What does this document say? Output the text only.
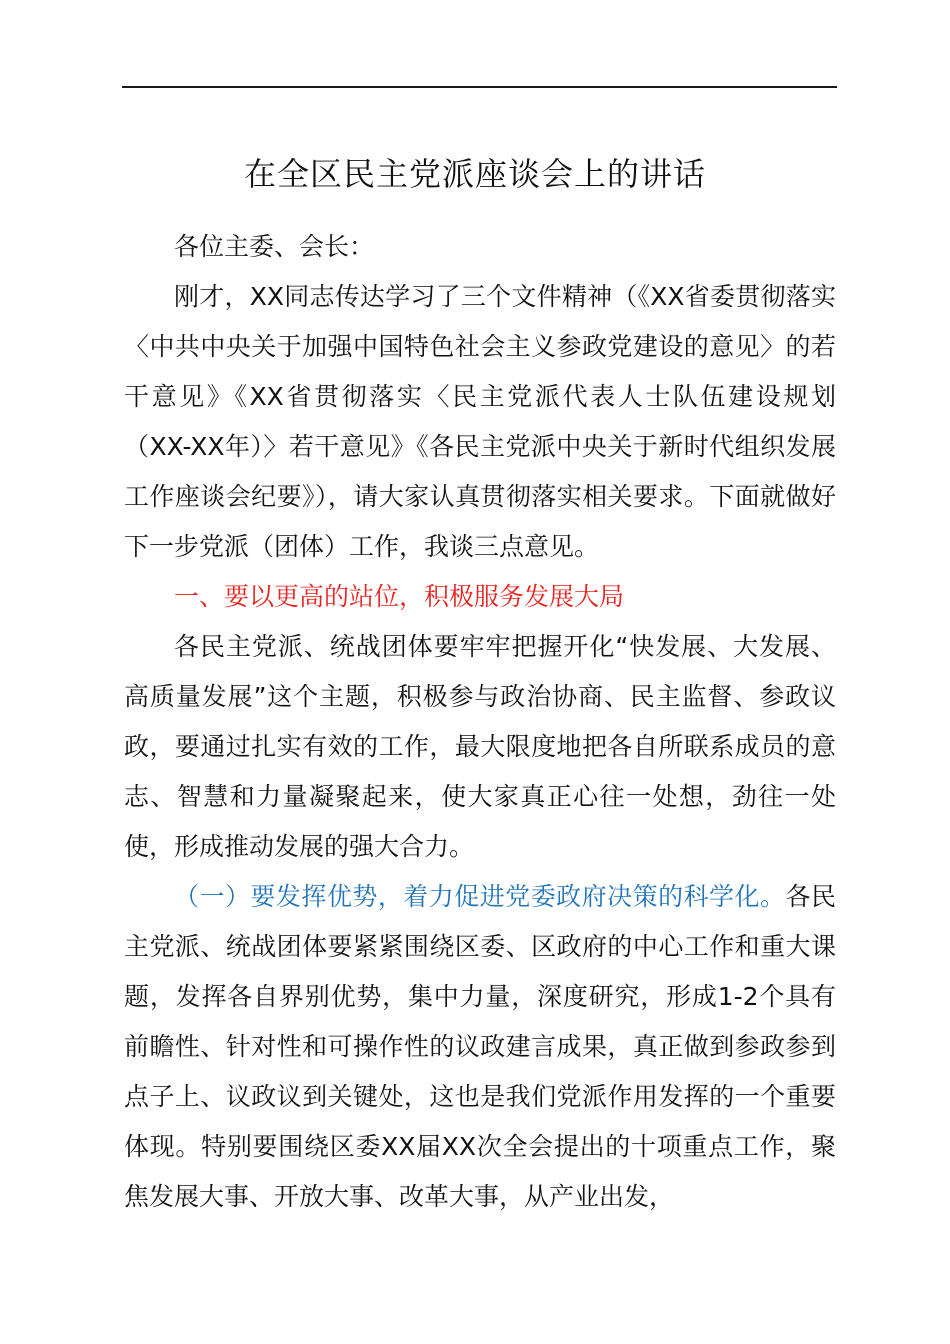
在全区民主党派座谈会上的讲话

各位主委、会长：

刚才，XX同志传达学习了三个文件精神（《XX省委贯彻落实〈中共中央关于加强中国特色社会主义参政党建设的意见〉的若干意见》《XX省贯彻落实〈民主党派代表人士队伍建设规划（XX-XX年）〉若干意见》《各民主党派中央关于新时代组织发展工作座谈会纪要》），请大家认真贯彻落实相关要求。下面就做好下一步党派（团体）工作，我谈三点意见。

一、要以更高的站位，积极服务发展大局

各民主党派、统战团体要牢牢把握开化“快发展、大发展、高质量发展”这个主题，积极参与政治协商、民主监督、参政议政，要通过扎实有效的工作，最大限度地把各自所联系成员的意志、智慧和力量凝聚起来，使大家真正心往一处想，劲往一处使，形成推动发展的强大合力。

（一）要发挥优势，着力促进党委政府决策的科学化。各民主党派、统战团体要紧紧围绕区委、区政府的中心工作和重大课题，发挥各自界别优势，集中力量，深度研究，形成1-2个具有前瞻性、针对性和可操作性的议政建言成果，真正做到参政参到点子上、议政议到关键处，这也是我们党派作用发挥的一个重要体现。特别要围绕区委XX届XX次全会提出的十项重点工作，聚焦发展大事、开放大事、改革大事，从产业出发，
